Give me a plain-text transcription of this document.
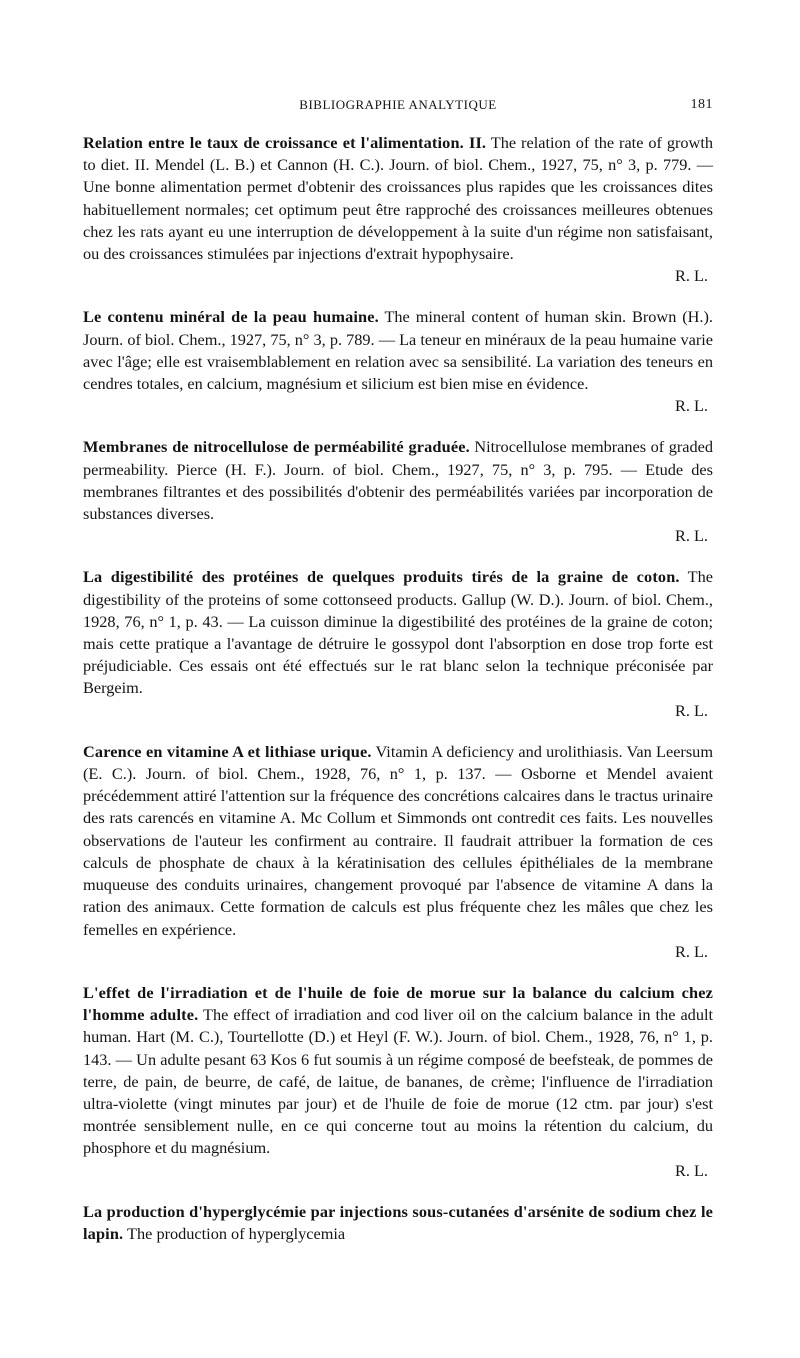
BIBLIOGRAPHIE ANALYTIQUE	181

Relation entre le taux de croissance et l'alimentation. II. The relation of the rate of growth to diet. II. Mendel (L. B.) et Cannon (H. C.). Journ. of biol. Chem., 1927, 75, n° 3, p. 779. — Une bonne alimentation permet d'obtenir des croissances plus rapides que les croissances dites habituellement normales; cet optimum peut être rapproché des croissances meilleures obtenues chez les rats ayant eu une interruption de développement à la suite d'un régime non satisfaisant, ou des croissances stimulées par injections d'extrait hypophysaire.
R. L.

Le contenu minéral de la peau humaine. The mineral content of human skin. Brown (H.). Journ. of biol. Chem., 1927, 75, n° 3, p. 789. — La teneur en minéraux de la peau humaine varie avec l'âge; elle est vraisemblablement en relation avec sa sensibilité. La variation des teneurs en cendres totales, en calcium, magnésium et silicium est bien mise en évidence.
R. L.

Membranes de nitrocellulose de perméabilité graduée. Nitrocellulose membranes of graded permeability. Pierce (H. F.). Journ. of biol. Chem., 1927, 75, n° 3, p. 795. — Etude des membranes filtrantes et des possibilités d'obtenir des perméabilités variées par incorporation de substances diverses.
R. L.

La digestibilité des protéines de quelques produits tirés de la graine de coton. The digestibility of the proteins of some cottonseed products. Gallup (W. D.). Journ. of biol. Chem., 1928, 76, n° 1, p. 43. — La cuisson diminue la digestibilité des protéines de la graine de coton; mais cette pratique a l'avantage de détruire le gossypol dont l'absorption en dose trop forte est préjudiciable. Ces essais ont été effectués sur le rat blanc selon la technique préconisée par Bergeim.
R. L.

Carence en vitamine A et lithiase urique. Vitamin A deficiency and urolithiasis. Van Leersum (E. C.). Journ. of biol. Chem., 1928, 76, n° 1, p. 137. — Osborne et Mendel avaient précédemment attiré l'attention sur la fréquence des concrétions calcaires dans le tractus urinaire des rats carencés en vitamine A. Mc Collum et Simmonds ont contredit ces faits. Les nouvelles observations de l'auteur les confirment au contraire. Il faudrait attribuer la formation de ces calculs de phosphate de chaux à la kératinisation des cellules épithéliales de la membrane muqueuse des conduits urinaires, changement provoqué par l'absence de vitamine A dans la ration des animaux. Cette formation de calculs est plus fréquente chez les mâles que chez les femelles en expérience.
R. L.

L'effet de l'irradiation et de l'huile de foie de morue sur la balance du calcium chez l'homme adulte. The effect of irradiation and cod liver oil on the calcium balance in the adult human. Hart (M. C.), Tourtellotte (D.) et Heyl (F. W.). Journ. of biol. Chem., 1928, 76, n° 1, p. 143. — Un adulte pesant 63 Kos 6 fut soumis à un régime composé de beefsteak, de pommes de terre, de pain, de beurre, de café, de laitue, de bananes, de crème; l'influence de l'irradiation ultra-violette (vingt minutes par jour) et de l'huile de foie de morue (12 ctm. par jour) s'est montrée sensiblement nulle, en ce qui concerne tout au moins la rétention du calcium, du phosphore et du magnésium.
R. L.

La production d'hyperglycémie par injections sous-cutanées d'arsénite de sodium chez le lapin. The production of hyperglycemia
